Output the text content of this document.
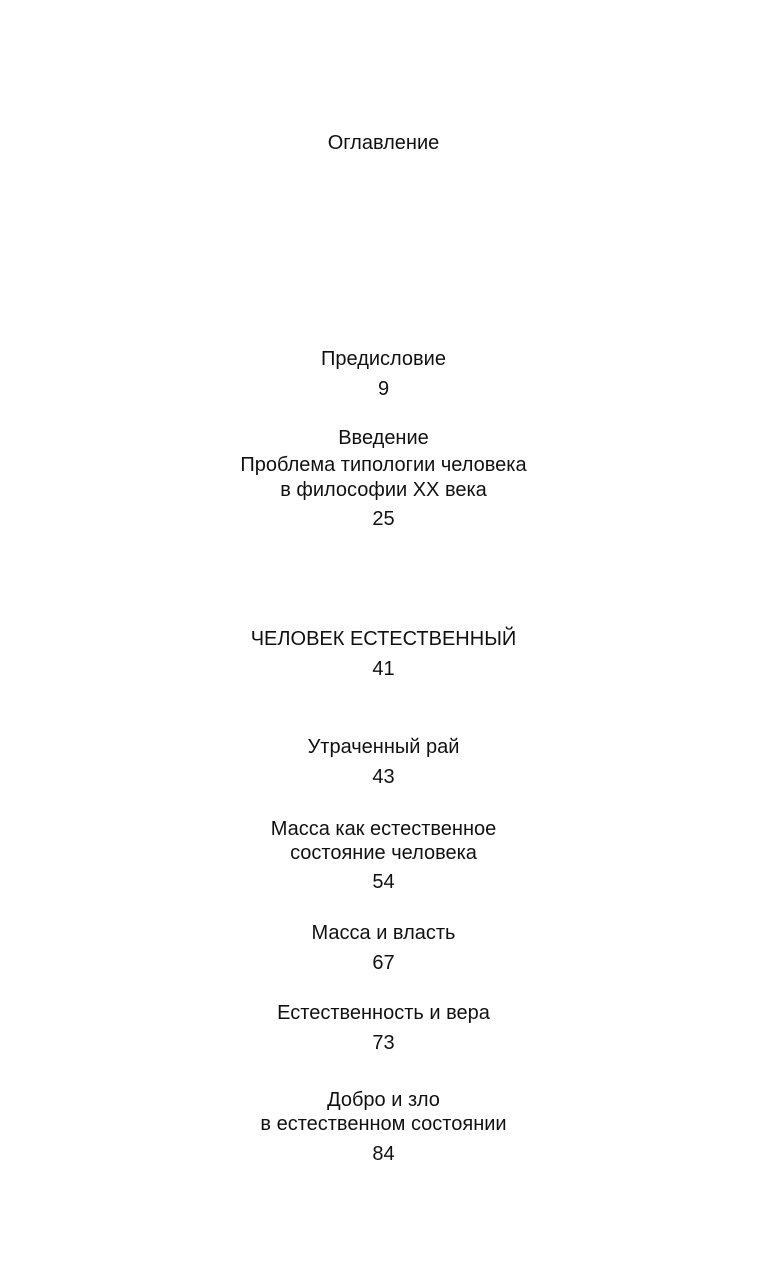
Оглавление
Предисловие
9
Введение
Проблема типологии человека
в философии XX века
25
ЧЕЛОВЕК ЕСТЕСТВЕННЫЙ
41
Утраченный рай
43
Масса как естественное
состояние человека
54
Масса и власть
67
Естественность и вера
73
Добро и зло
в естественном состоянии
84
